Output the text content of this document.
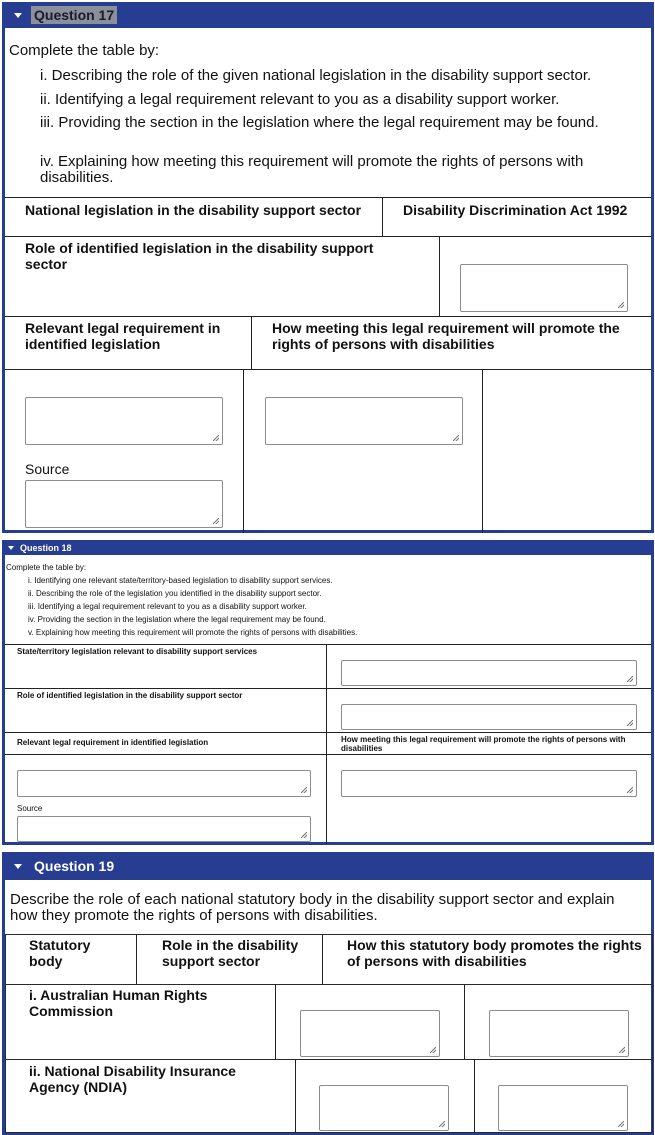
Question 17
Complete the table by:
i. Describing the role of the given national legislation in the disability support sector.
ii. Identifying a legal requirement relevant to you as a disability support worker.
iii. Providing the section in the legislation where the legal requirement may be found.
iv. Explaining how meeting this requirement will promote the rights of persons with disabilities.
National legislation in the disability support sector	Disability Discrimination Act 1992
Role of identified legislation in the disability support sector
Relevant legal requirement in identified legislation
How meeting this legal requirement will promote the rights of persons with disabilities
Source
Question 18
Complete the table by:
i. Identifying one relevant state/territory-based legislation to disability support services.
ii. Describing the role of the legislation you identified in the disability support sector.
iii. Identifying a legal requirement relevant to you as a disability support worker.
iv. Providing the section in the legislation where the legal requirement may be found.
v. Explaining how meeting this requirement will promote the rights of persons with disabilities.
State/territory legislation relevant to disability support services
Role of identified legislation in the disability support sector
Relevant legal requirement in identified legislation	How meeting this legal requirement will promote the rights of persons with disabilities
Source
Question 19
Describe the role of each national statutory body in the disability support sector and explain how they promote the rights of persons with disabilities.
Statutory body
Role in the disability support sector
How this statutory body promotes the rights of persons with disabilities
i. Australian Human Rights Commission
ii. National Disability Insurance Agency (NDIA)
